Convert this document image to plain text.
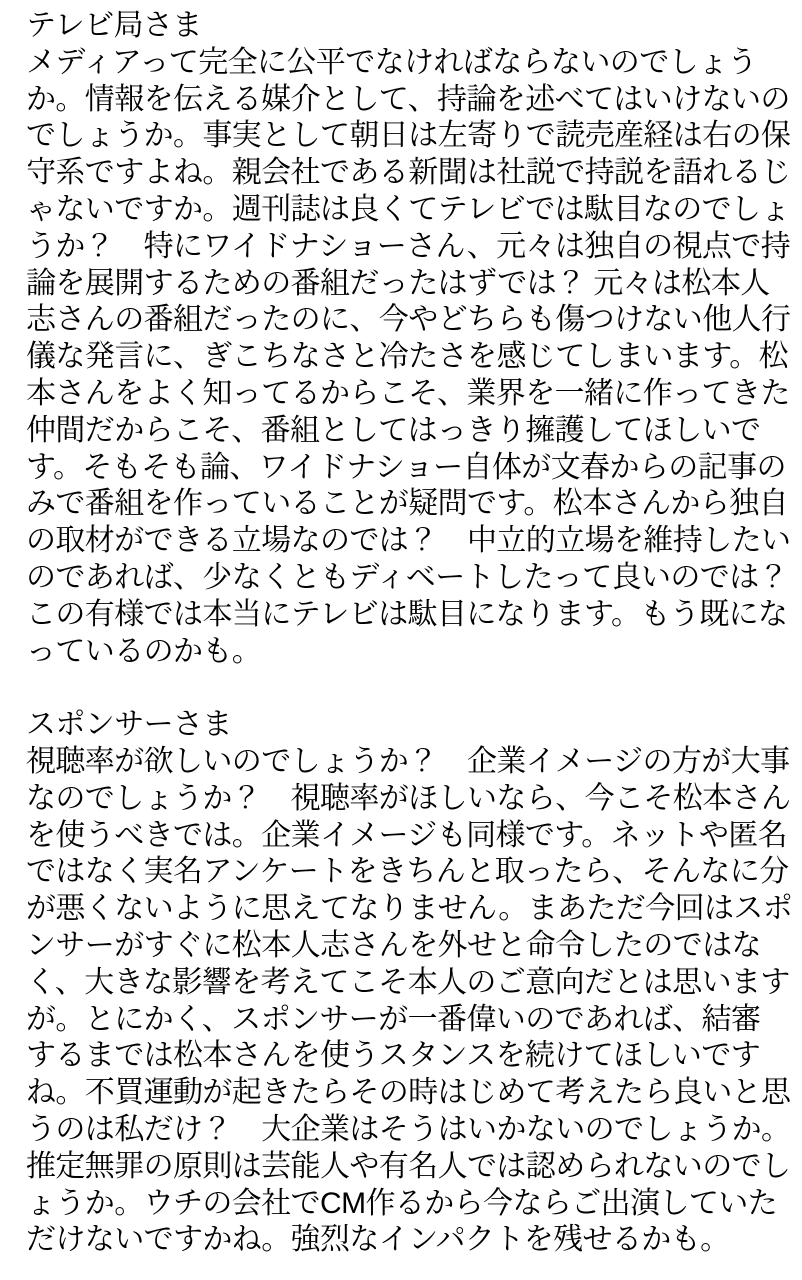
テレビ局さま
メディアって完全に公平でなければならないのでしょう
か。情報を伝える媒介として、持論を述べてはいけないの
でしょうか。事実として朝日は左寄りで読売産経は右の保
守系ですよね。親会社である新聞は社説で持説を語れるじ
ゃないですか。週刊誌は良くてテレビでは駄目なのでしょ
うか？　特にワイドナショーさん、元々は独自の視点で持
論を展開するための番組だったはずでは？ 元々は松本人
志さんの番組だったのに、今やどちらも傷つけない他人行
儀な発言に、ぎこちなさと冷たさを感じてしまいます。松
本さんをよく知ってるからこそ、業界を一緒に作ってきた
仲間だからこそ、番組としてはっきり擁護してほしいで
す。そもそも論、ワイドナショー自体が文春からの記事の
みで番組を作っていることが疑問です。松本さんから独自
の取材ができる立場なのでは？　中立的立場を維持したい
のであれば、少なくともディベートしたって良いのでは？
この有様では本当にテレビは駄目になります。もう既にな
っているのかも。
スポンサーさま
視聴率が欲しいのでしょうか？　企業イメージの方が大事
なのでしょうか？　視聴率がほしいなら、今こそ松本さん
を使うべきでは。企業イメージも同様です。ネットや匿名
ではなく実名アンケートをきちんと取ったら、そんなに分
が悪くないように思えてなりません。まあただ今回はスポ
ンサーがすぐに松本人志さんを外せと命令したのではな
く、大きな影響を考えてこそ本人のご意向だとは思います
が。とにかく、スポンサーが一番偉いのであれば、結審
するまでは松本さんを使うスタンスを続けてほしいです
ね。不買運動が起きたらその時はじめて考えたら良いと思
うのは私だけ？　大企業はそうはいかないのでしょうか。
推定無罪の原則は芸能人や有名人では認められないのでし
ょうか。ウチの会社でCM作るから今ならご出演していた
だけないですかね。強烈なインパクトを残せるかも。
